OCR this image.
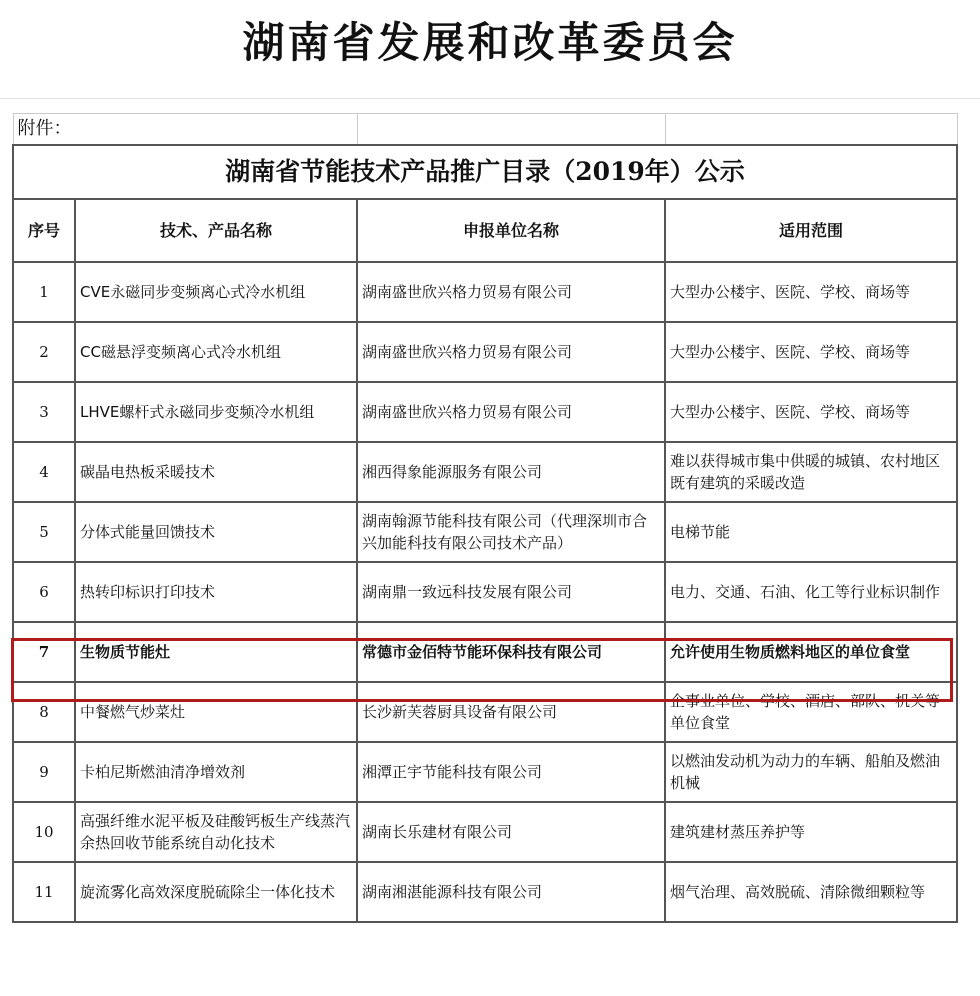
湖南省发展和改革委员会
附件：			
湖南省节能技术产品推广目录（2019年）公示			
序号	技术、产品名称	申报单位名称	适用范围
1	CVE永磁同步变频离心式冷水机组	湖南盛世欣兴格力贸易有限公司	大型办公楼宇、医院、学校、商场等
2	CC磁悬浮变频离心式冷水机组	湖南盛世欣兴格力贸易有限公司	大型办公楼宇、医院、学校、商场等
3	LHVE螺杆式永磁同步变频冷水机组	湖南盛世欣兴格力贸易有限公司	大型办公楼宇、医院、学校、商场等
4	碳晶电热板采暖技术	湘西得象能源服务有限公司	难以获得城市集中供暖的城镇、农村地区既有建筑的采暖改造
5	分体式能量回馈技术	湖南翰源节能科技有限公司（代理深圳市合兴加能科技有限公司技术产品）	电梯节能
6	热转印标识打印技术	湖南鼎一致远科技发展有限公司	电力、交通、石油、化工等行业标识制作
7	生物质节能灶	常德市金佰特节能环保科技有限公司	允许使用生物质燃料地区的单位食堂
8	中餐燃气炒菜灶	长沙新芙蓉厨具设备有限公司	企事业单位、学校、酒店、部队、机关等单位食堂
9	卡柏尼斯燃油清净增效剂	湘潭正宇节能科技有限公司	以燃油发动机为动力的车辆、船舶及燃油机械
10	高强纤维水泥平板及硅酸钙板生产线蒸汽余热回收节能系统自动化技术	湖南长乐建材有限公司	建筑建材蒸压养护等
11	旋流雾化高效深度脱硫除尘一体化技术	湖南湘湛能源科技有限公司	烟气治理、高效脱硫、清除微细颗粒等
